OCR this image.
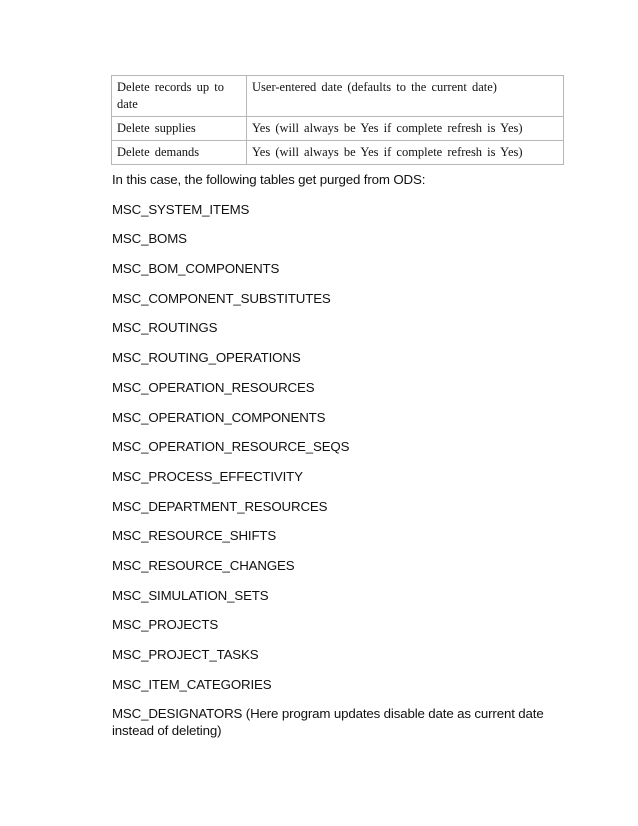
Delete records up to date	User-entered date (defaults to the current date)
Delete supplies	Yes (will always be Yes if complete refresh is Yes)
Delete demands	Yes (will always be Yes if complete refresh is Yes)

In this case, the following tables get purged from ODS:

MSC_SYSTEM_ITEMS
MSC_BOMS
MSC_BOM_COMPONENTS
MSC_COMPONENT_SUBSTITUTES
MSC_ROUTINGS
MSC_ROUTING_OPERATIONS
MSC_OPERATION_RESOURCES
MSC_OPERATION_COMPONENTS
MSC_OPERATION_RESOURCE_SEQS
MSC_PROCESS_EFFECTIVITY
MSC_DEPARTMENT_RESOURCES
MSC_RESOURCE_SHIFTS
MSC_RESOURCE_CHANGES
MSC_SIMULATION_SETS
MSC_PROJECTS
MSC_PROJECT_TASKS
MSC_ITEM_CATEGORIES

MSC_DESIGNATORS (Here program updates disable date as current date instead of deleting)
